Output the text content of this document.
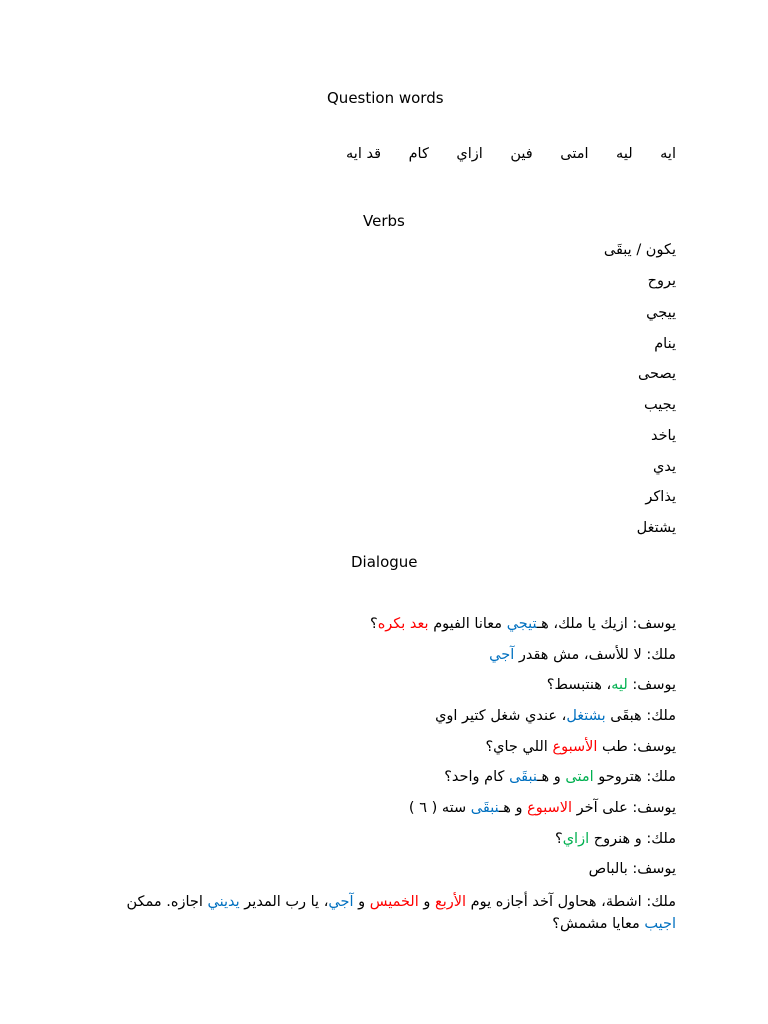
Question words
ايه
ليه
امتى
فين
ازاي
كام
قد ايه
Verbs
يكون / يبقَى
يروح
ييجي
ينام
يصحى
يجيب
ياخد
يدي
يذاكر
يشتغل
Dialogue
يوسف: ازيك يا ملك، هـتيجي معانا الفيوم بعد بكره؟
ملك: لا للأسف، مش هقدر آجي
يوسف: ليه، هنتبسط؟
ملك: هبقَى بشتغل، عندي شغل كتير اوي
يوسف: طب الأسبوع اللي جاي؟
ملك: هتروحو امتى و هـنبقَى كام واحد؟
يوسف: على آخر الاسبوع و هـنبقَى سته ( ٦ )
ملك: و هنروح ازاي؟
يوسف: بالباص
ملك: اشطة، هحاول آخد أجازه يوم الأربع و الخميس و آجي، يا رب المدير يديني اجازه. ممكن اجيب معايا مشمش؟
